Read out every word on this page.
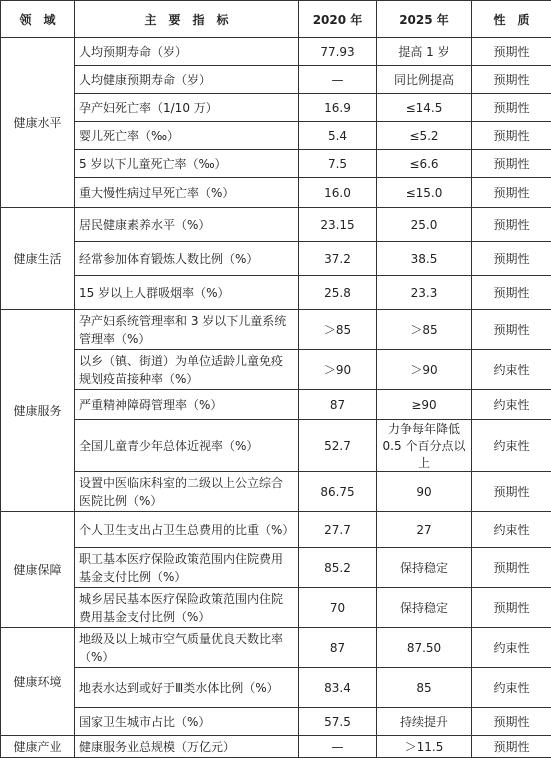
领　域	主　要　指　标	2020 年	2025 年	性　质
健康水平	人均预期寿命（岁）	77.93	提高 1 岁	预期性
	人均健康预期寿命（岁）	—	同比例提高	预期性
	孕产妇死亡率（1/10 万）	16.9	≤14.5	预期性
	婴儿死亡率（‰）	5.4	≤5.2	预期性
	5 岁以下儿童死亡率（‰）	7.5	≤6.6	预期性
	重大慢性病过早死亡率（%）	16.0	≤15.0	预期性
健康生活	居民健康素养水平（%）	23.15	25.0	预期性
	经常参加体育锻炼人数比例（%）	37.2	38.5	预期性
	15 岁以上人群吸烟率（%）	25.8	23.3	预期性
健康服务	孕产妇系统管理率和 3 岁以下儿童系统管理率（%）	＞85	＞85	预期性
	以乡（镇、街道）为单位适龄儿童免疫规划疫苗接种率（%）	＞90	＞90	约束性
	严重精神障碍管理率（%）	87	≥90	约束性
	全国儿童青少年总体近视率（%）	52.7	力争每年降低 0.5 个百分点以上	约束性
	设置中医临床科室的二级以上公立综合医院比例（%）	86.75	90	预期性
健康保障	个人卫生支出占卫生总费用的比重（%）	27.7	27	约束性
	职工基本医疗保险政策范围内住院费用基金支付比例（%）	85.2	保持稳定	预期性
	城乡居民基本医疗保险政策范围内住院费用基金支付比例（%）	70	保持稳定	预期性
健康环境	地级及以上城市空气质量优良天数比率（%）	87	87.50	约束性
	地表水达到或好于Ⅲ类水体比例（%）	83.4	85	约束性
	国家卫生城市占比（%）	57.5	持续提升	预期性
健康产业	健康服务业总规模（万亿元）	—	＞11.5	预期性
